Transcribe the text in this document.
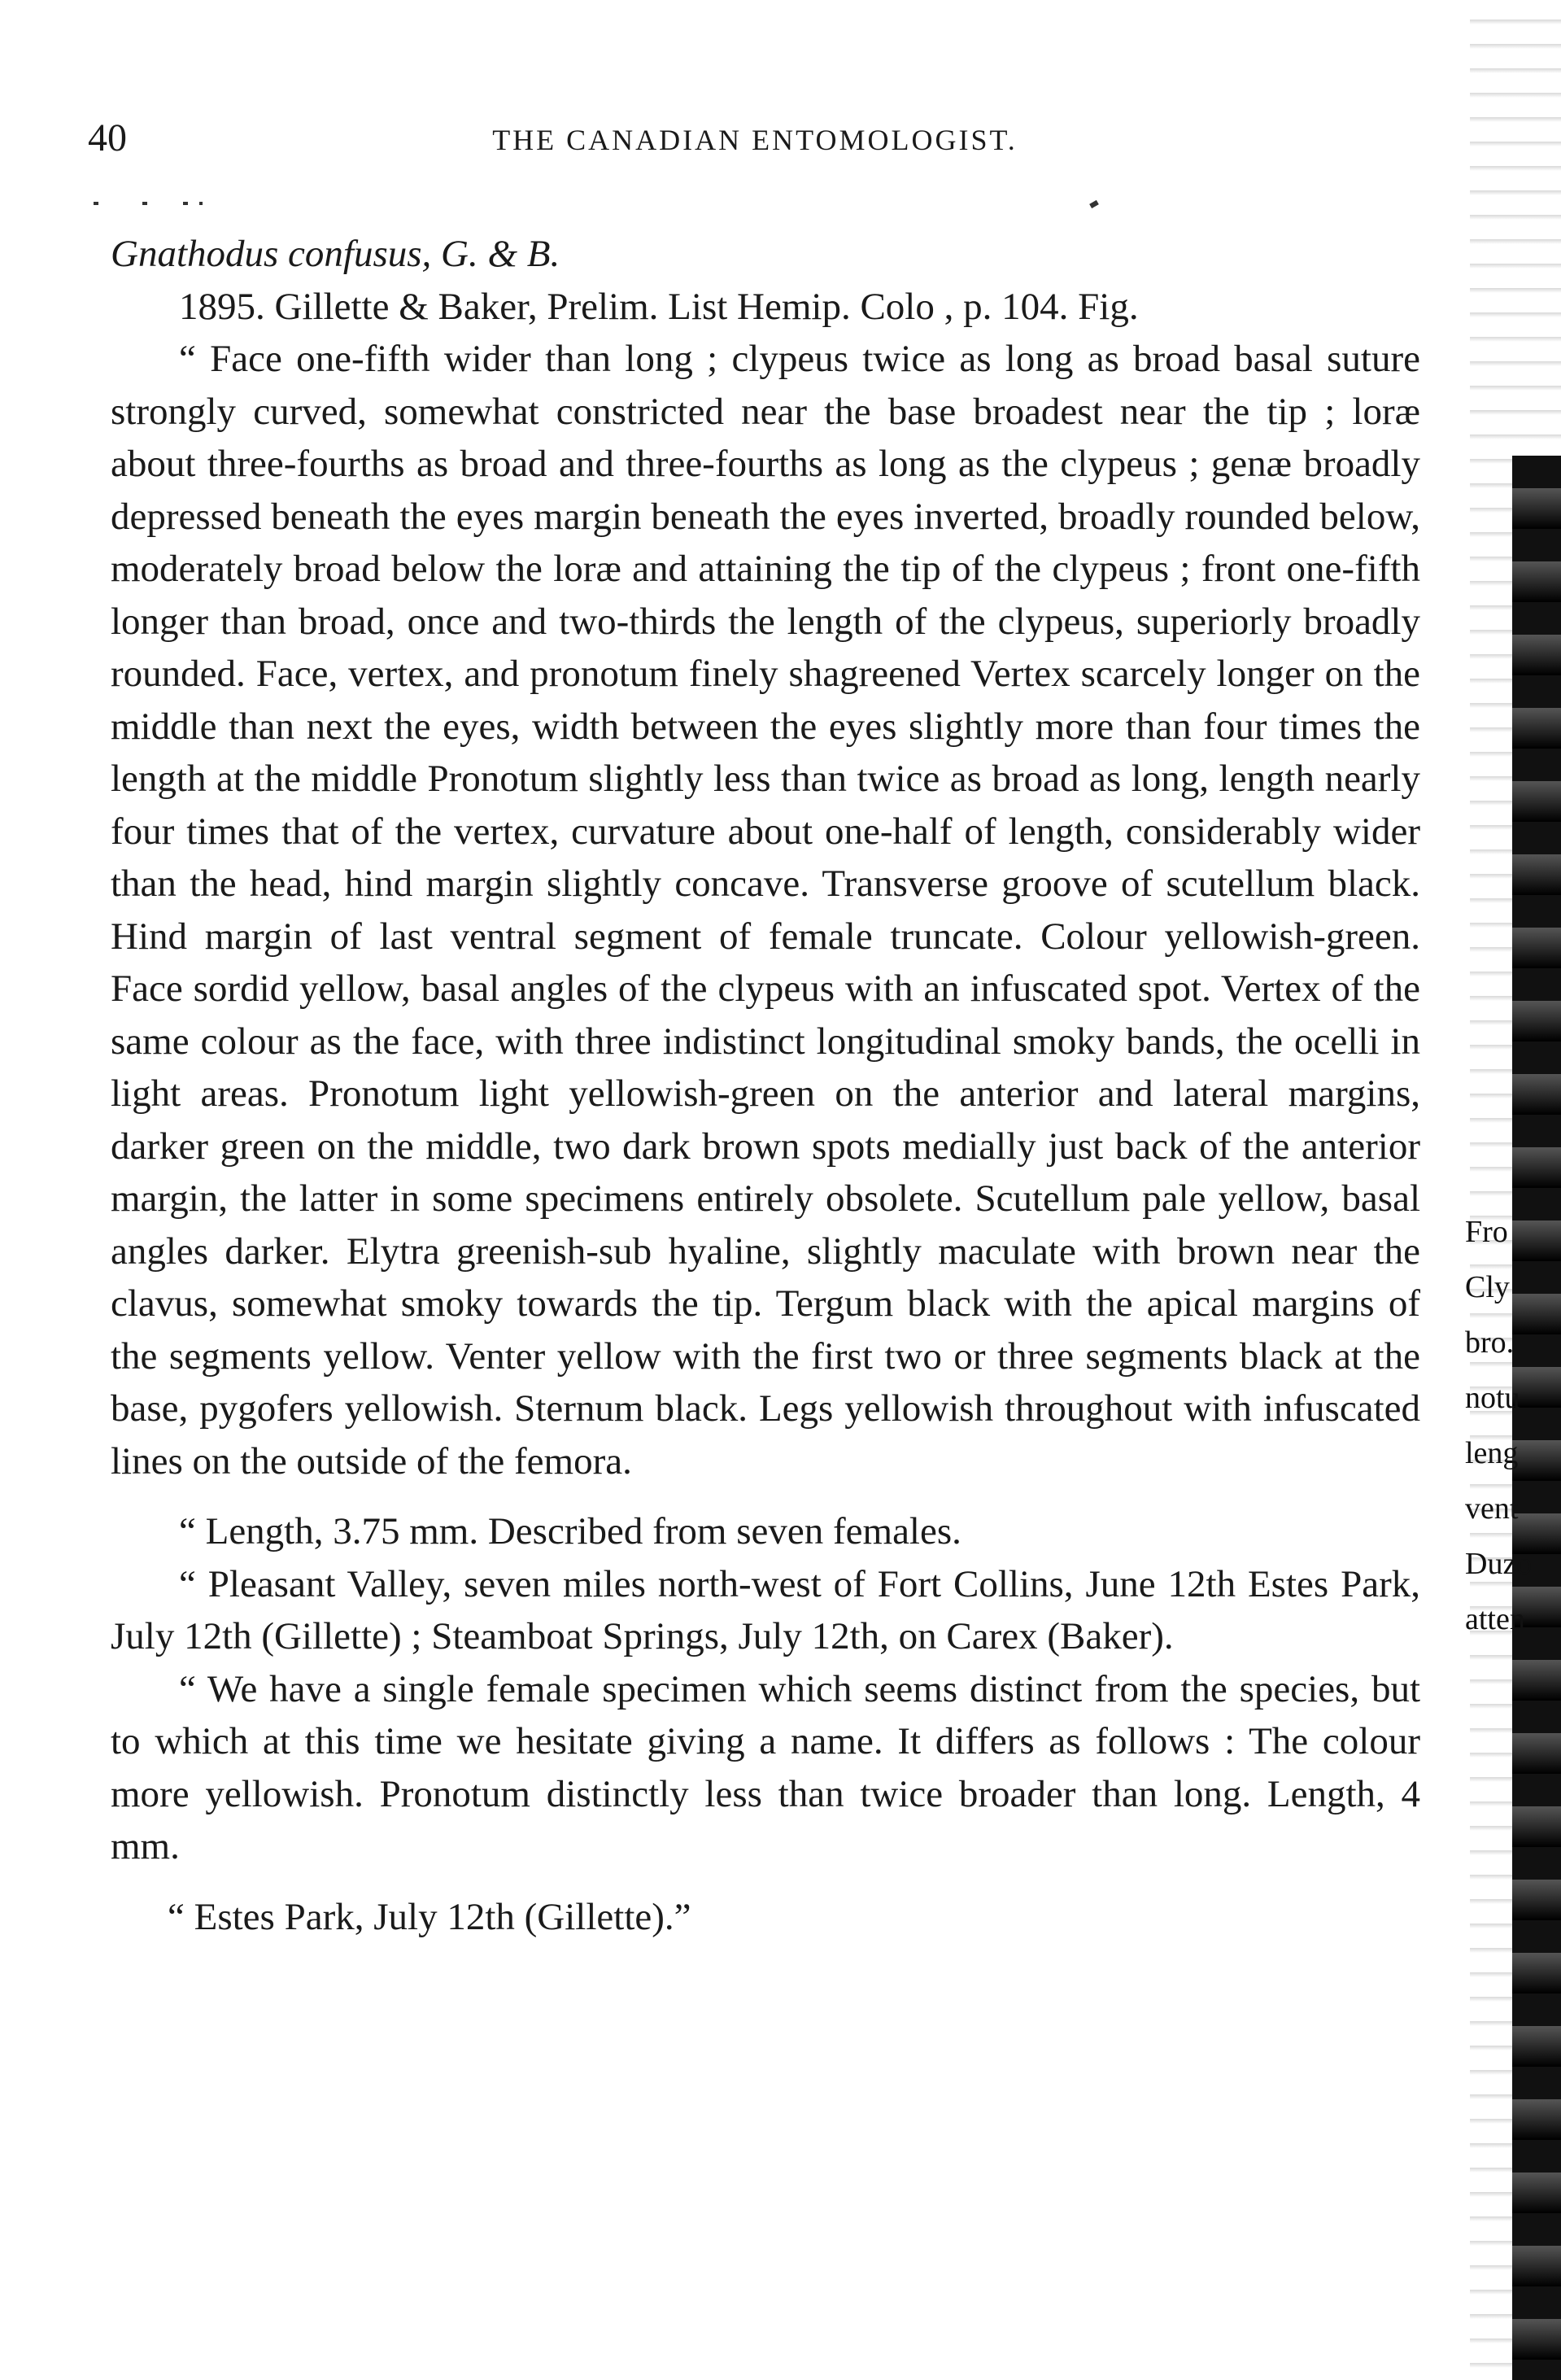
40	THE CANADIAN ENTOMOLOGIST.

Gnathodus confusus, G. & B.

1895. Gillette & Baker, Prelim. List Hemip. Colo , p. 104. Fig.

“ Face one-fifth wider than long ; clypeus twice as long as broad basal suture strongly curved, somewhat constricted near the base broadest near the tip ; loræ about three-fourths as broad and three-fourths as long as the clypeus ; genæ broadly depressed beneath the eyes margin beneath the eyes inverted, broadly rounded below, moderately broad below the loræ and attaining the tip of the clypeus ; front one-fifth longer than broad, once and two-thirds the length of the clypeus, superiorly broadly rounded. Face, vertex, and pronotum finely shagreened Vertex scarcely longer on the middle than next the eyes, width between the eyes slightly more than four times the length at the middle Pronotum slightly less than twice as broad as long, length nearly four times that of the vertex, curvature about one-half of length, considerably wider than the head, hind margin slightly concave. Transverse groove of scutellum black. Hind margin of last ventral segment of female truncate. Colour yellowish-green. Face sordid yellow, basal angles of the clypeus with an infuscated spot. Vertex of the same colour as the face, with three indistinct longitudinal smoky bands, the ocelli in light areas. Pronotum light yellowish-green on the anterior and lateral margins, darker green on the middle, two dark brown spots medially just back of the anterior margin, the latter in some specimens entirely obsolete. Scutellum pale yellow, basal angles darker. Elytra greenish-sub hyaline, slightly maculate with brown near the clavus, somewhat smoky towards the tip. Tergum black with the apical margins of the segments yellow. Venter yellow with the first two or three segments black at the base, pygofers yellowish. Sternum black. Legs yellowish throughout with infuscated lines on the outside of the femora.

“ Length, 3.75 mm. Described from seven females.

“ Pleasant Valley, seven miles north-west of Fort Collins, June 12th Estes Park, July 12th (Gillette) ; Steamboat Springs, July 12th, on Carex (Baker).

“ We have a single female specimen which seems distinct from the species, but to which at this time we hesitate giving a name. It differs as follows : The colour more yellowish. Pronotum distinctly less than twice broader than long. Length, 4 mm.

“ Estes Park, July 12th (Gillette).”

Fro
Cly
bro.
notu
leng
vent
Duzo
atten
